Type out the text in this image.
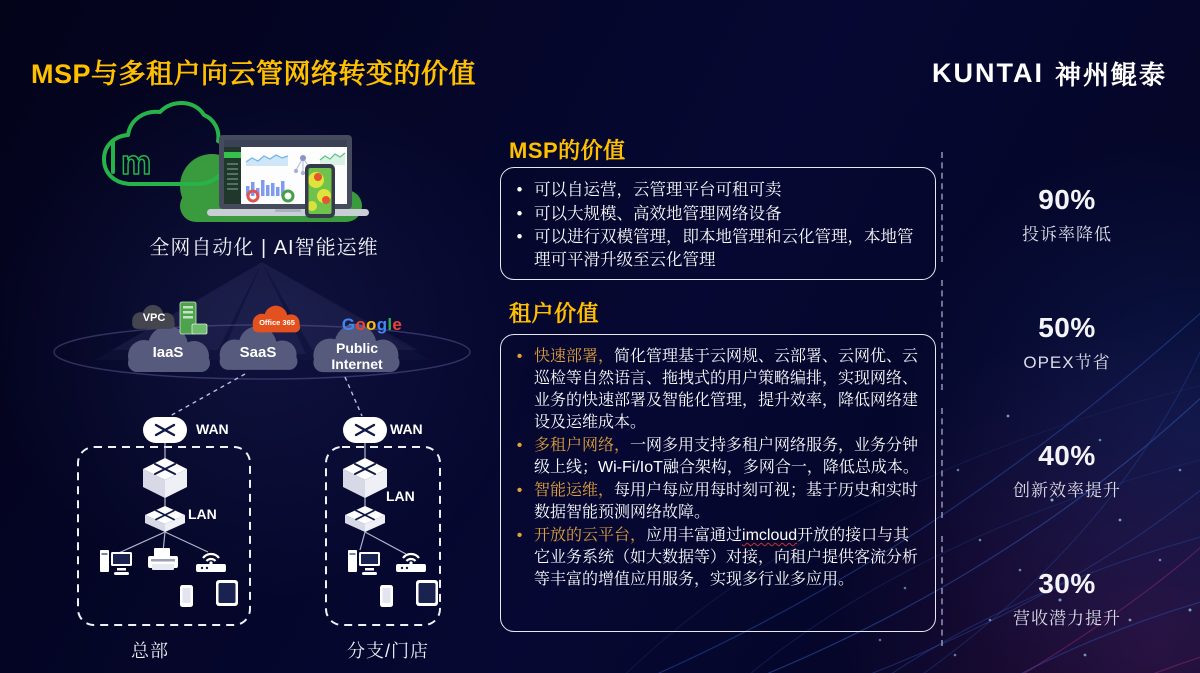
MSP与多租户向云管网络转变的价值	KUNTAI 神州鲲泰
m
全网自动化 | AI智能运维
VPC	Office 365	Google
IaaS	SaaS	Public
Internet
WAN	WAN
LAN
LAN
总部	分支/门店
MSP的价值
• 可以自运营，云管理平台可租可卖
• 可以大规模、高效地管理网络设备
• 可以进行双模管理，即本地管理和云化管理，本地管理可平滑升级至云化管理
租户价值
• 快速部署，简化管理基于云网规、云部署、云网优、云巡检等自然语言、拖拽式的用户策略编排，实现网络、业务的快速部署及智能化管理，提升效率，降低网络建设及运维成本。
• 多租户网络，一网多用支持多租户网络服务，业务分钟级上线；Wi-Fi/IoT融合架构，多网合一，降低总成本。
• 智能运维，每用户每应用每时刻可视；基于历史和实时数据智能预测网络故障。
• 开放的云平台，应用丰富通过imcloud开放的接口与其它业务系统（如大数据等）对接，向租户提供客流分析等丰富的增值应用服务，实现多行业多应用。
90%
投诉率降低
50%
OPEX节省
40%
创新效率提升
30%
营收潜力提升
